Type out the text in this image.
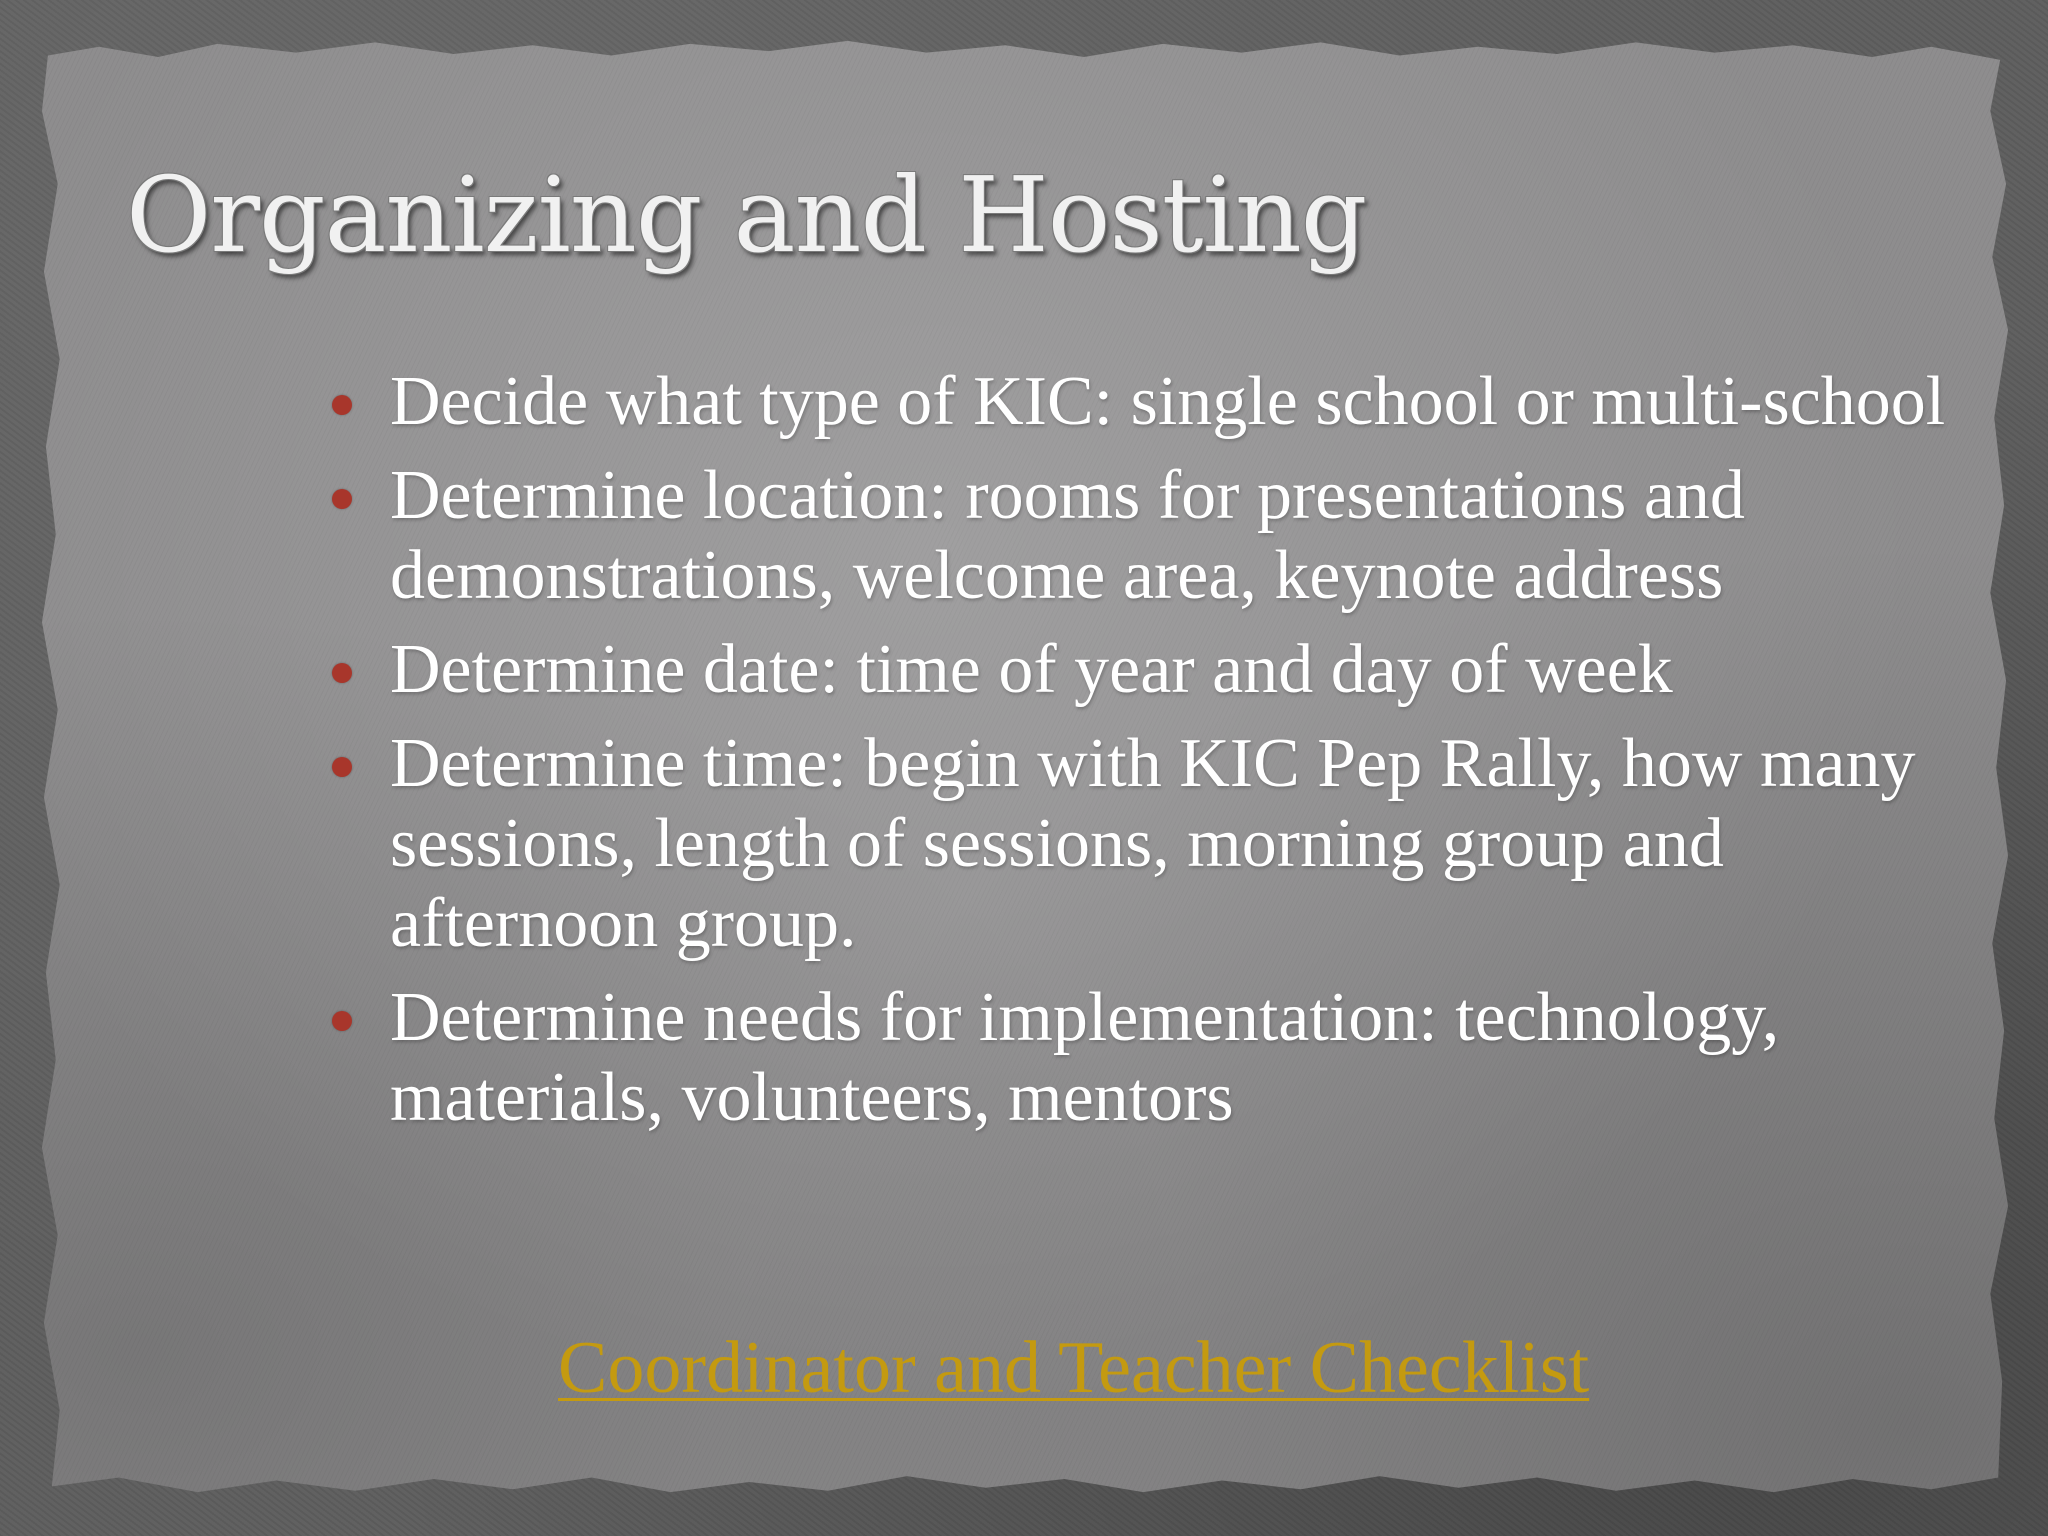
Organizing and Hosting
Decide what type of KIC: single school or multi-school
Determine location: rooms for presentations and demonstrations, welcome area, keynote address
Determine date: time of year and day of week
Determine time: begin with KIC Pep Rally, how many sessions, length of sessions, morning group and afternoon group.
Determine needs for implementation: technology, materials, volunteers, mentors
Coordinator and Teacher Checklist
